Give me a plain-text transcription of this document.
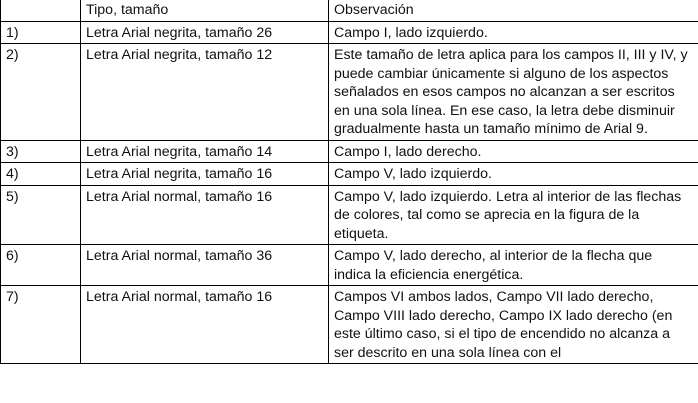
	Tipo, tamaño	Observación
1)	Letra Arial negrita, tamaño 26	Campo I, lado izquierdo.
2)	Letra Arial negrita, tamaño 12	Este tamaño de letra aplica para los campos II, III y IV, y puede cambiar únicamente si alguno de los aspectos señalados en esos campos no alcanzan a ser escritos en una sola línea. En ese caso, la letra debe disminuir gradualmente hasta un tamaño mínimo de Arial 9.
3)	Letra Arial negrita, tamaño 14	Campo I, lado derecho.
4)	Letra Arial negrita, tamaño 16	Campo V, lado izquierdo.
5)	Letra Arial normal, tamaño 16	Campo V, lado izquierdo. Letra al interior de las flechas de colores, tal como se aprecia en la figura de la etiqueta.
6)	Letra Arial normal, tamaño 36	Campo V, lado derecho, al interior de la flecha que indica la eficiencia energética.
7)	Letra Arial normal, tamaño 16	Campos VI ambos lados, Campo VII lado derecho, Campo VIII lado derecho, Campo IX lado derecho (en este último caso, si el tipo de encendido no alcanza a ser descrito en una sola línea con el
